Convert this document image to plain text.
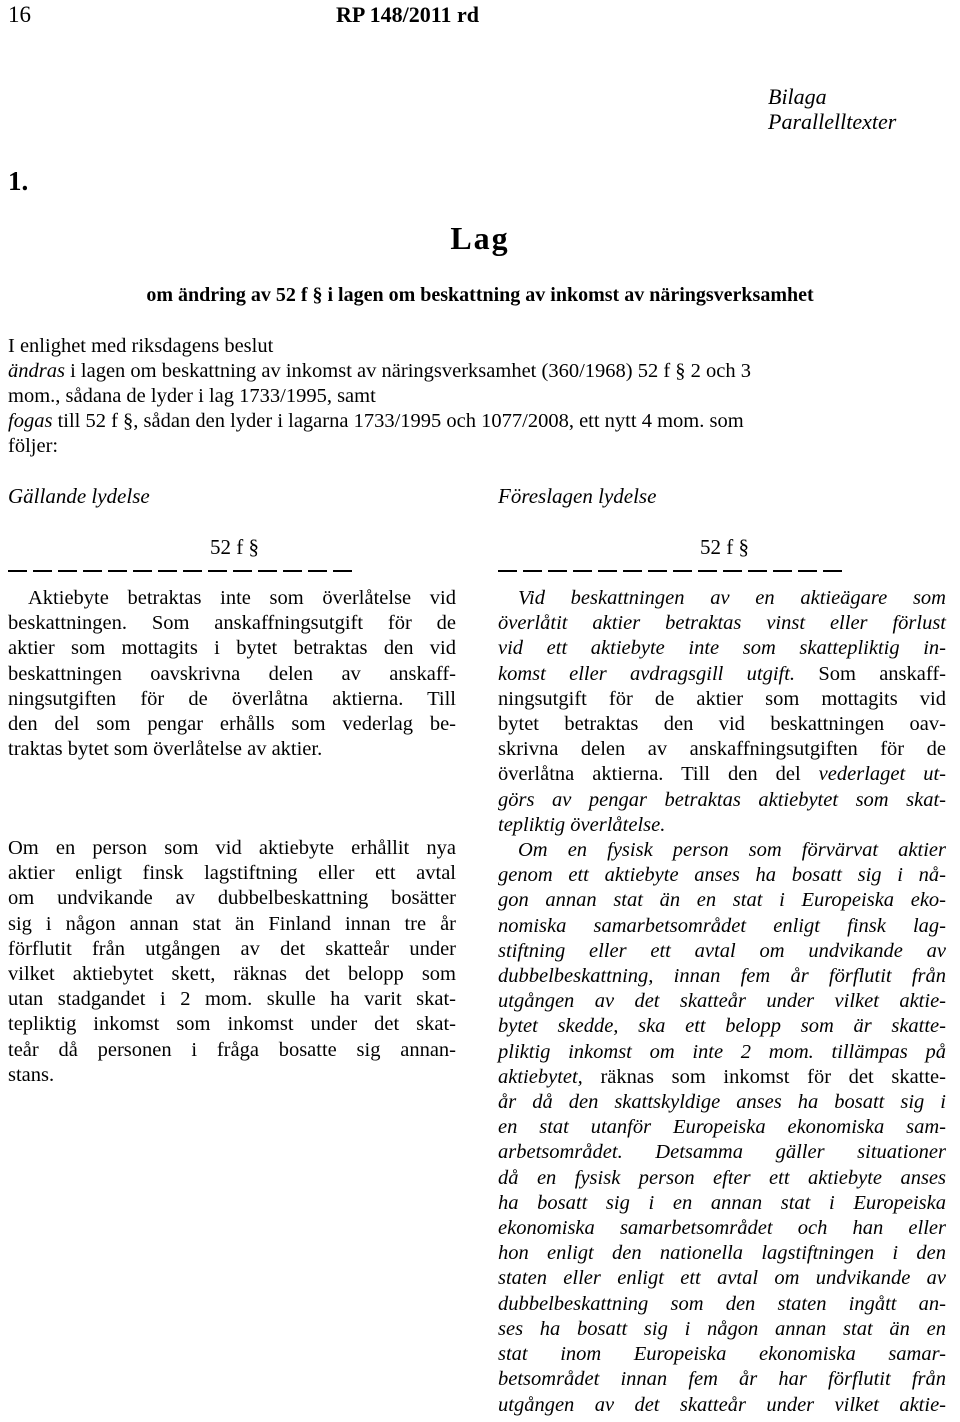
16	RP 148/2011 rd
Bilaga
Parallelltexter
1.
Lag
om ändring av 52 f § i lagen om beskattning av inkomst av näringsverksamhet
I enlighet med riksdagens beslut
ändras i lagen om beskattning av inkomst av näringsverksamhet (360/1968) 52 f § 2 och 3
mom., sådana de lyder i lag 1733/1995, samt
fogas till 52 f §, sådan den lyder i lagarna 1733/1995 och 1077/2008, ett nytt 4 mom. som
följer:
Gällande lydelse	Föreslagen lydelse
52 f §	52 f §
Aktiebyte betraktas inte som överlåtelse vid
beskattningen. Som anskaffningsutgift för de
aktier som mottagits i bytet betraktas den vid
beskattningen oavskrivna delen av anskaff-
ningsutgiften för de överlåtna aktierna. Till
den del som pengar erhålls som vederlag be-
traktas bytet som överlåtelse av aktier.
Om en person som vid aktiebyte erhållit nya
aktier enligt finsk lagstiftning eller ett avtal
om undvikande av dubbelbeskattning bosätter
sig i någon annan stat än Finland innan tre år
förflutit från utgången av det skatteår under
vilket aktiebytet skett, räknas det belopp som
utan stadgandet i 2 mom. skulle ha varit skat-
tepliktig inkomst som inkomst under det skat-
teår då personen i fråga bosatte sig annan-
stans.
Vid beskattningen av en aktieägare som
överlåtit aktier betraktas vinst eller förlust
vid ett aktiebyte inte som skattepliktig in-
komst eller avdragsgill utgift. Som anskaff-
ningsutgift för de aktier som mottagits vid
bytet betraktas den vid beskattningen oav-
skrivna delen av anskaffningsutgiften för de
överlåtna aktierna. Till den del vederlaget ut-
görs av pengar betraktas aktiebytet som skat-
tepliktig överlåtelse.
Om en fysisk person som förvärvat aktier
genom ett aktiebyte anses ha bosatt sig i nå-
gon annan stat än en stat i Europeiska eko-
nomiska samarbetsområdet enligt finsk lag-
stiftning eller ett avtal om undvikande av
dubbelbeskattning, innan fem år förflutit från
utgången av det skatteår under vilket aktie-
bytet skedde, ska ett belopp som är skatte-
pliktig inkomst om inte 2 mom. tillämpas på
aktiebytet, räknas som inkomst för det skatte-
år då den skattskyldige anses ha bosatt sig i
en stat utanför Europeiska ekonomiska sam-
arbetsområdet. Detsamma gäller situationer
då en fysisk person efter ett aktiebyte anses
ha bosatt sig i en annan stat i Europeiska
ekonomiska samarbetsområdet och han eller
hon enligt den nationella lagstiftningen i den
staten eller enligt ett avtal om undvikande av
dubbelbeskattning som den staten ingått an-
ses ha bosatt sig i någon annan stat än en
stat inom Europeiska ekonomiska samar-
betsområdet innan fem år har förflutit från
utgången av det skatteår under vilket aktie-
